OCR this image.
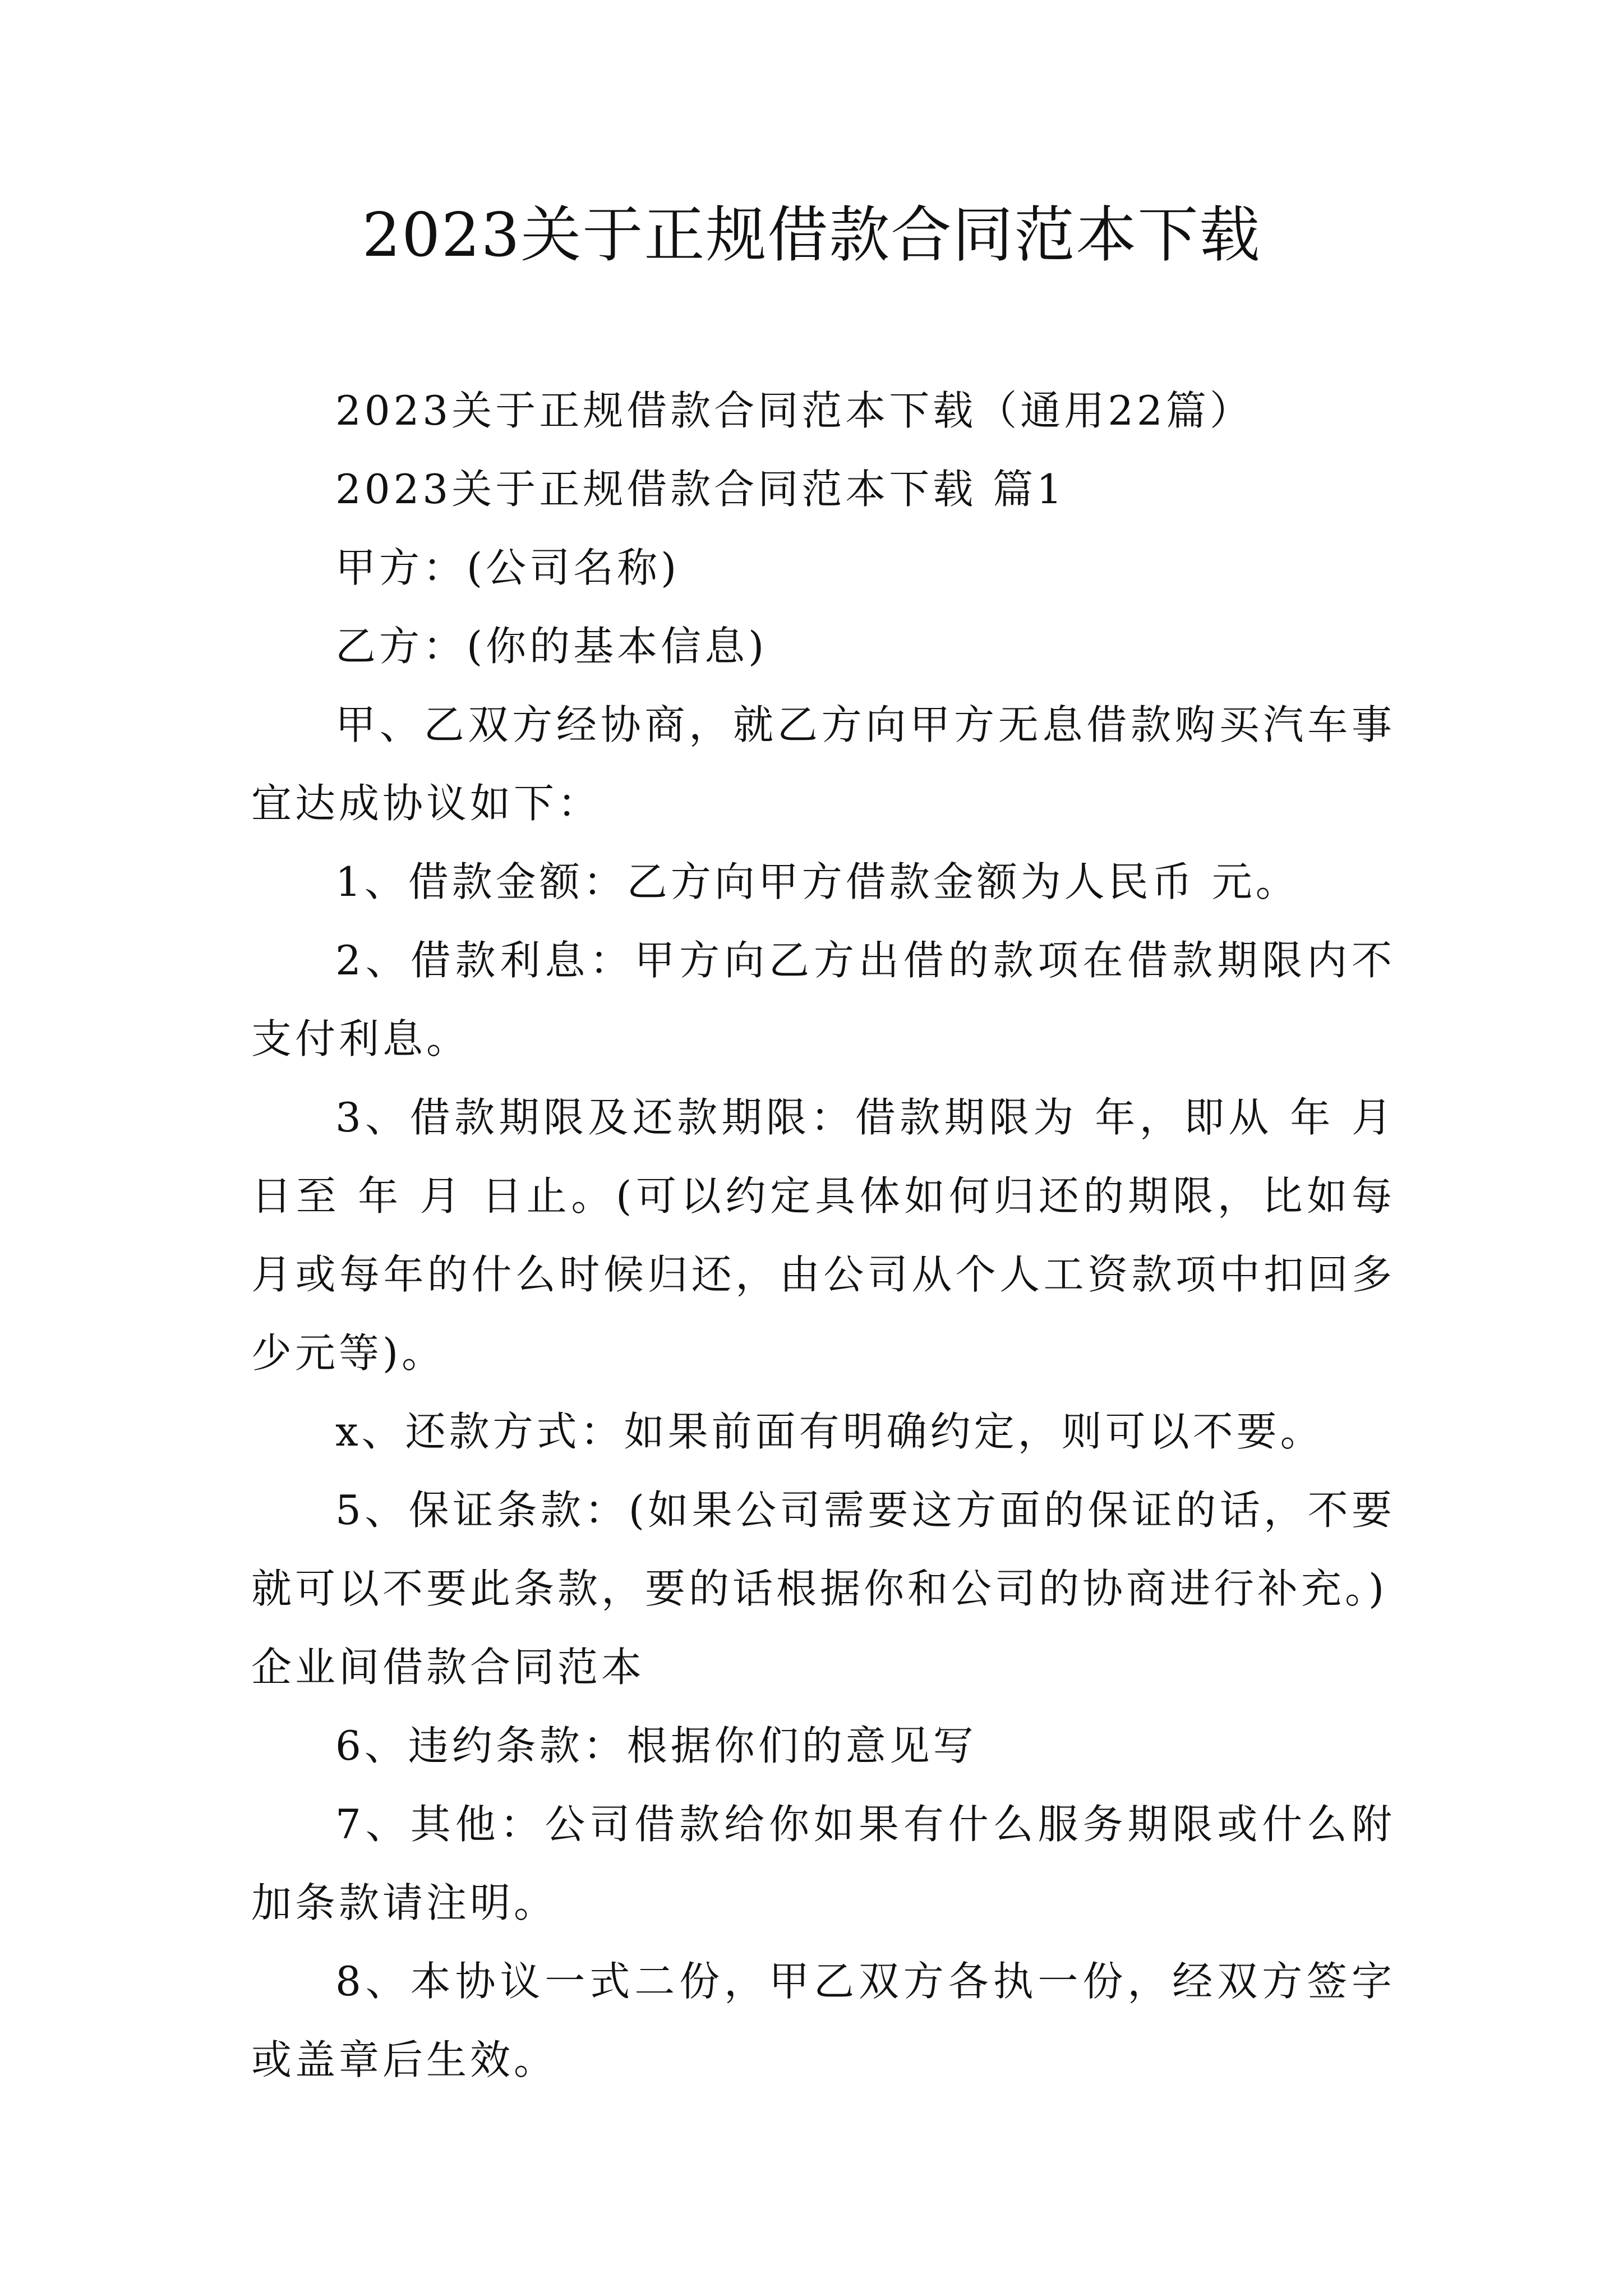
2023关于正规借款合同范本下载

2023关于正规借款合同范本下载（通用22篇）

2023关于正规借款合同范本下载 篇1

甲方：(公司名称)

乙方：(你的基本信息)

甲、乙双方经协商，就乙方向甲方无息借款购买汽车事宜达成协议如下：

1、借款金额：乙方向甲方借款金额为人民币 元。

2、借款利息：甲方向乙方出借的款项在借款期限内不支付利息。

3、借款期限及还款期限：借款期限为 年，即从 年 月 日至 年 月 日止。(可以约定具体如何归还的期限，比如每月或每年的什么时候归还，由公司从个人工资款项中扣回多少元等)。

x、还款方式：如果前面有明确约定，则可以不要。

5、保证条款：(如果公司需要这方面的保证的话，不要就可以不要此条款，要的话根据你和公司的协商进行补充。)

企业间借款合同范本

6、违约条款：根据你们的意见写

7、其他：公司借款给你如果有什么服务期限或什么附加条款请注明。

8、本协议一式二份，甲乙双方各执一份，经双方签字或盖章后生效。
